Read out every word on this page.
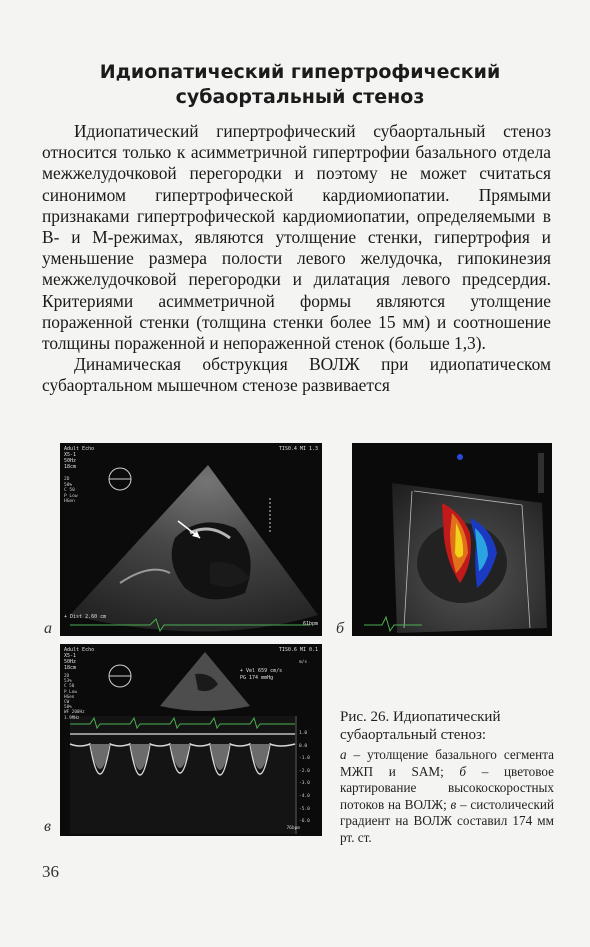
Идиопатический гипертрофический
субаортальный стеноз

Идиопатический гипертрофический субаортальный стеноз относится только к асимметричной гипертрофии базального отдела межжелудочковой перегородки и поэтому не может считаться синонимом гипертрофической кардиомиопатии. Прямыми признаками гипертрофической кардиомиопатии, определяемыми в В- и М-режимах, являются утолщение стенки, гипертрофия и уменьшение размера полости левого желудочка, гипокинезия межжелудочковой перегородки и дилатация левого предсердия. Критериями асимметричной формы являются утолщение пораженной стенки (толщина стенки более 15 мм) и соотношение толщины пораженной и непораженной стенок (больше 1,3).

Динамическая обструкция ВОЛЖ при идиопатическом субаортальном мышечном стенозе развивается

Adult Echo
X5-1
50Hz
18cm
TIS0.4 MI 1.3
2D
58%
C 50
P Low
HGen
+ Dist 2.60 cm
61bpm
а	б
Adult Echo
X5-1
50Hz
18cm
TIS0.6 MI 0.1
2D
53%
C 50
P Low
HGen
CW
50%
WF 200Hz
1.9MHz
+ Vel 659 cm/s
PG 174 mmHg
m/s
1.0
0.0
-1.0
-2.0
-3.0
-4.0
-5.0
-6.0
76bpm
в
Рис. 26. Идиопатический субаортальный стеноз:
а – утолщение базального сегмента МЖП и SAM; б – цветовое картирование высокоскоростных потоков на ВОЛЖ; в – систолический градиент на ВОЛЖ составил 174 мм рт. ст.
36
